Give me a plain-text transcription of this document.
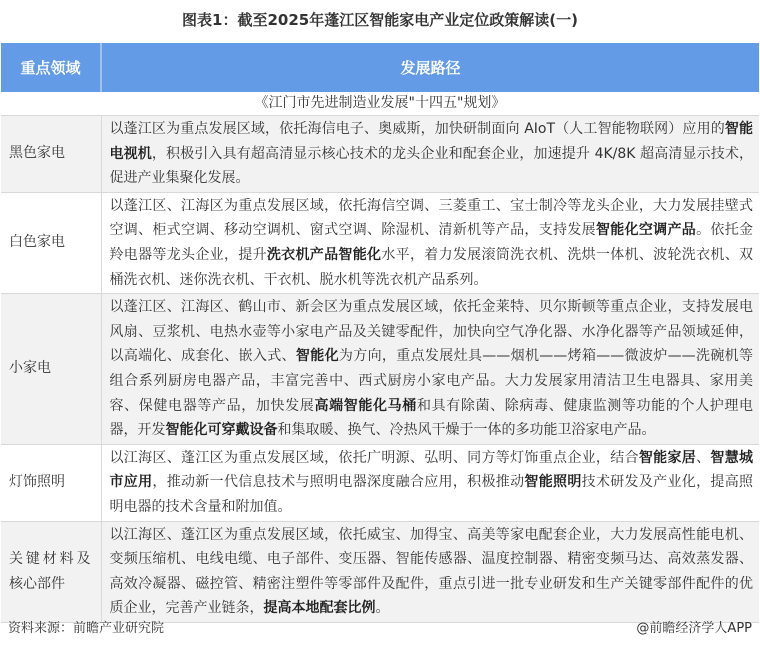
图表1：截至2025年蓬江区智能家电产业定位政策解读(一)
重点领域	发展路径
《江门市先进制造业发展"十四五"规划》	
黑色家电	以蓬江区为重点发展区域，依托海信电子、奥威斯，加快研制面向 AIoT（人工智能物联网）应用的智能电视机，积极引入具有超高清显示核心技术的龙头企业和配套企业，加速提升 4K/8K 超高清显示技术，促进产业集聚化发展。
白色家电	以蓬江区、江海区为重点发展区域，依托海信空调、三菱重工、宝士制冷等龙头企业，大力发展挂壁式空调、柜式空调、移动空调机、窗式空调、除湿机、清新机等产品，支持发展智能化空调产品。依托金羚电器等龙头企业，提升洗衣机产品智能化水平，着力发展滚筒洗衣机、洗烘一体机、波轮洗衣机、双桶洗衣机、迷你洗衣机、干衣机、脱水机等洗衣机产品系列。
小家电	以蓬江区、江海区、鹤山市、新会区为重点发展区域，依托金莱特、贝尔斯顿等重点企业，支持发展电风扇、豆浆机、电热水壶等小家电产品及关键零配件，加快向空气净化器、水净化器等产品领域延伸，以高端化、成套化、嵌入式、智能化为方向，重点发展灶具——烟机——烤箱——微波炉——洗碗机等组合系列厨房电器产品，丰富完善中、西式厨房小家电产品。大力发展家用清洁卫生电器具、家用美容、保健电器等产品，加快发展高端智能化马桶和具有除菌、除病毒、健康监测等功能的个人护理电器，开发智能化可穿戴设备和集取暖、换气、冷热风干燥于一体的多功能卫浴家电产品。
灯饰照明	以江海区、蓬江区为重点发展区域，依托广明源、弘明、同方等灯饰重点企业，结合智能家居、智慧城市应用，推动新一代信息技术与照明电器深度融合应用，积极推动智能照明技术研发及产业化，提高照明电器的技术含量和附加值。
关键材料及核心部件	以江海区、蓬江区为重点发展区域，依托威宝、加得宝、高美等家电配套企业，大力发展高性能电机、变频压缩机、电线电缆、电子部件、变压器、智能传感器、温度控制器、精密变频马达、高效蒸发器、高效冷凝器、磁控管、精密注塑件等零部件及配件，重点引进一批专业研发和生产关键零部件配件的优质企业，完善产业链条，提高本地配套比例。
资料来源：前瞻产业研究院	@前瞻经济学人APP
